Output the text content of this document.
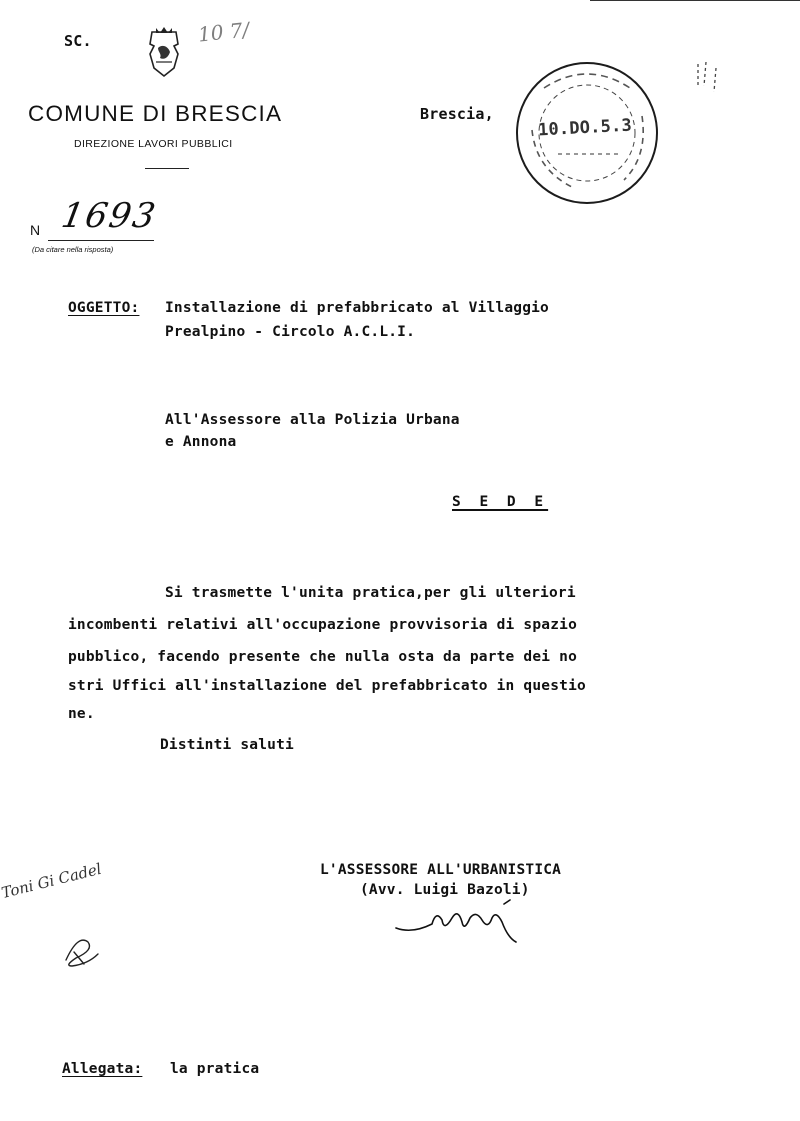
SC.	10 7/
COMUNE DI BRESCIA
DIREZIONE LAVORI PUBBLICI
N 1693
(Da citare nella risposta)
Brescia,
10.DO.5.3
OGGETTO: Installazione di prefabbricato al Villaggio
Prealpino - Circolo A.C.L.I.
All'Assessore alla Polizia Urbana
e Annona
S E D E
Si trasmette l'unita pratica,per gli ulteriori
incombenti relativi all'occupazione provvisoria di spazio
pubblico, facendo presente che nulla osta da parte dei no
stri Uffici all'installazione del prefabbricato in questio
ne.
Distinti saluti
L'ASSESSORE ALL'URBANISTICA
(Avv. Luigi Bazoli)
Toni Gi Cadel
Allegata: la pratica
